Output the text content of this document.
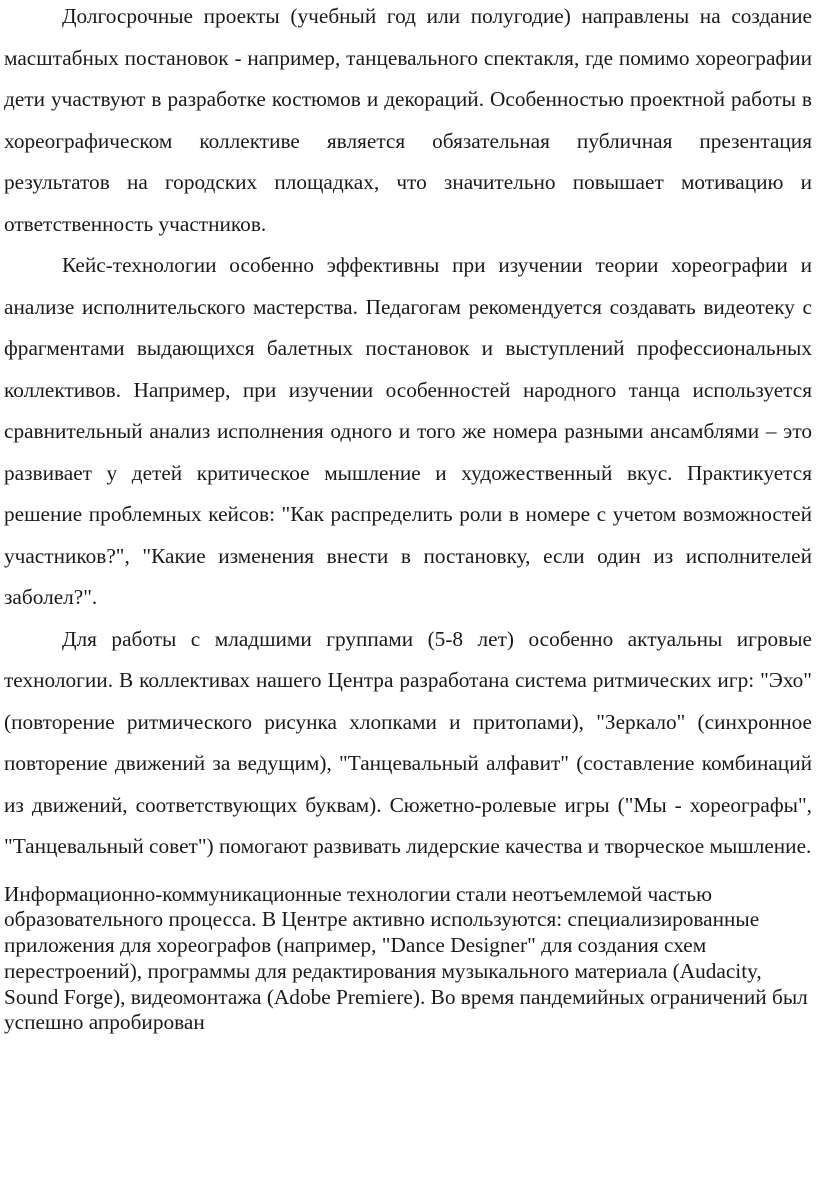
Долгосрочные проекты (учебный год или полугодие) направлены на создание масштабных постановок - например, танцевального спектакля, где помимо хореографии дети участвуют в разработке костюмов и декораций. Особенностью проектной работы в хореографическом коллективе является обязательная публичная презентация результатов на городских площадках, что значительно повышает мотивацию и ответственность участников.

Кейс-технологии особенно эффективны при изучении теории хореографии и анализе исполнительского мастерства. Педагогам рекомендуется создавать видеотеку с фрагментами выдающихся балетных постановок и выступлений профессиональных коллективов. Например, при изучении особенностей народного танца используется сравнительный анализ исполнения одного и того же номера разными ансамблями – это развивает у детей критическое мышление и художественный вкус. Практикуется решение проблемных кейсов: "Как распределить роли в номере с учетом возможностей участников?", "Какие изменения внести в постановку, если один из исполнителей заболел?".

Для работы с младшими группами (5-8 лет) особенно актуальны игровые технологии. В коллективах нашего Центра разработана система ритмических игр: "Эхо" (повторение ритмического рисунка хлопками и притопами), "Зеркало" (синхронное повторение движений за ведущим), "Танцевальный алфавит" (составление комбинаций из движений, соответствующих буквам). Сюжетно-ролевые игры ("Мы - хореографы", "Танцевальный совет") помогают развивать лидерские качества и творческое мышление.

Информационно-коммуникационные технологии стали неотъемлемой частью образовательного процесса. В Центре активно используются: специализированные приложения для хореографов (например, "Dance Designer" для создания схем перестроений), программы для редактирования музыкального материала (Audacity, Sound Forge), видеомонтажа (Adobe Premiere). Во время пандемийных ограничений был успешно апробирован
